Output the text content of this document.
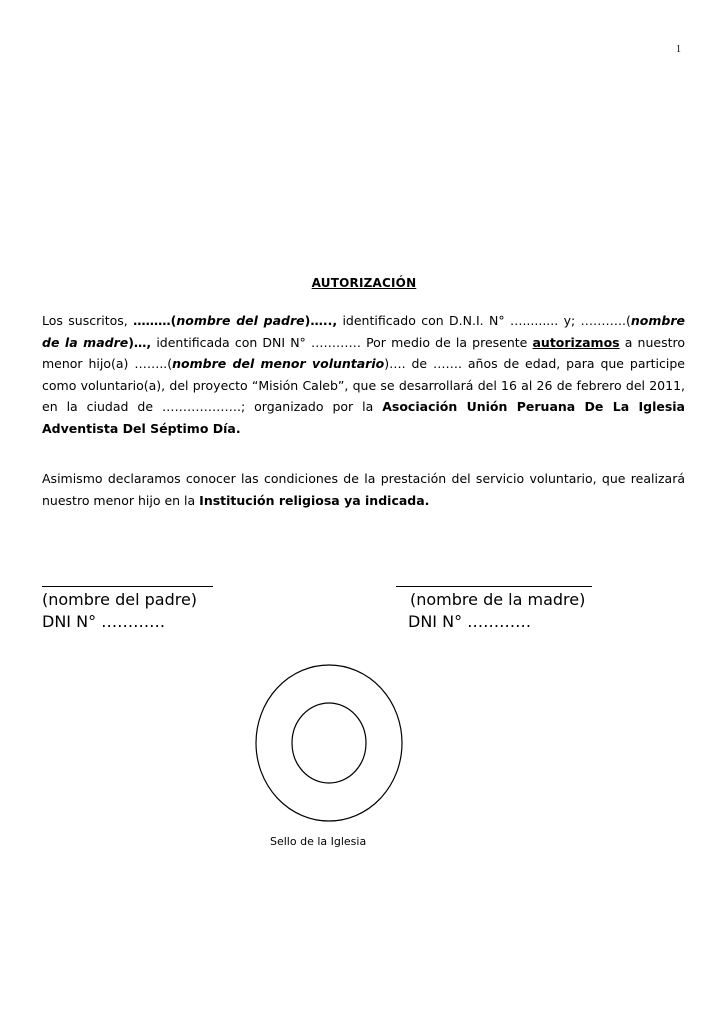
1
AUTORIZACIÓN
Los suscritos, ………(nombre del padre)….., identificado con D.N.I. N° …......... y; ………..(nombre de la madre)…, identificada con DNI N° ………… Por medio de la presente autorizamos a nuestro menor hijo(a) ……..(nombre del menor voluntario)…. de ……. años de edad, para que participe como voluntario(a), del proyecto “Misión Caleb”, que se desarrollará del 16 al 26 de febrero del 2011, en la ciudad de ……………….; organizado por la Asociación Unión Peruana De La Iglesia Adventista Del Séptimo Día.
Asimismo declaramos conocer las condiciones de la prestación del servicio voluntario, que realizará nuestro menor hijo en la Institución religiosa ya indicada.
(nombre del padre)
DNI N° …………
(nombre de la madre)
DNI N° …………
Sello de la Iglesia
